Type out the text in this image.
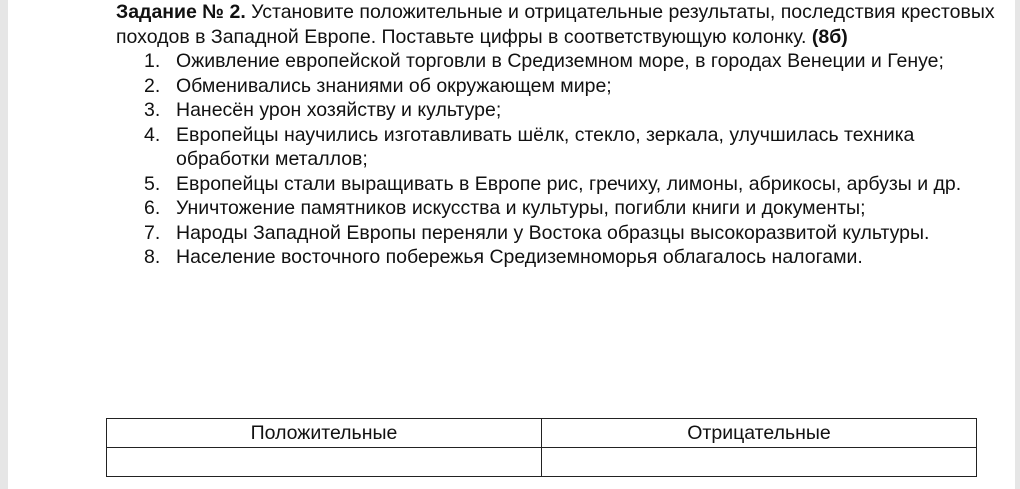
Задание № 2. Установите положительные и отрицательные результаты, последствия крестовых походов в Западной Европе. Поставьте цифры в соответствующую колонку. (8б)
1. Оживление европейской торговли в Средиземном море, в городах Венеции и Генуе;
2. Обменивались знаниями об окружающем мире;
3. Нанесён урон хозяйству и культуре;
4. Европейцы научились изготавливать шёлк, стекло, зеркала, улучшилась техника обработки металлов;
5. Европейцы стали выращивать в Европе рис, гречиху, лимоны, абрикосы, арбузы и др.
6. Уничтожение памятников искусства и культуры, погибли книги и документы;
7. Народы Западной Европы переняли у Востока образцы высокоразвитой культуры.
8. Население восточного побережья Средиземноморья облагалось налогами.
Положительные	Отрицательные
